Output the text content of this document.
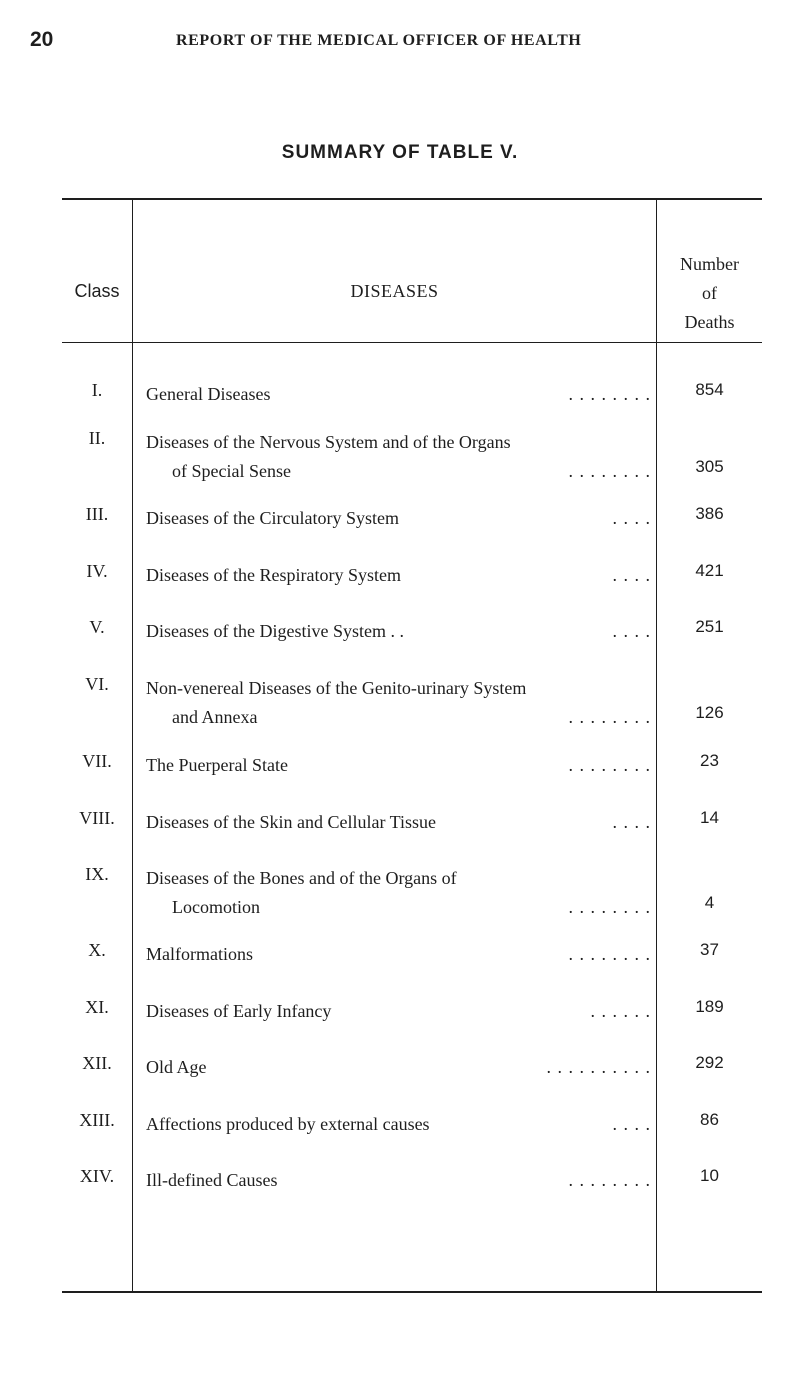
20	REPORT OF THE MEDICAL OFFICER OF HEALTH
SUMMARY OF TABLE V.
Class	DISEASES
Number
of
Deaths
I.	General Diseases	. . . . . . . .	854
II.	Diseases of the Nervous System and of the Organs
of Special Sense	. . . . . . . .	305
III.	Diseases of the Circulatory System	. . . .	386
IV.	Diseases of the Respiratory System	. . . .	421
V.	Diseases of the Digestive System . .	. . . .	251
VI.	Non-venereal Diseases of the Genito-urinary System
and Annexa	. . . . . . . .	126
VII.	The Puerperal State	. . . . . . . .	23
VIII.	Diseases of the Skin and Cellular Tissue	. . . .	14
IX.	Diseases of the Bones and of the Organs of
Locomotion	. . . . . . . .	4
X.	Malformations	. . . . . . . .	37
XI.	Diseases of Early Infancy	. . . . . .	189
XII.	Old Age	. . . . . . . . . .	292
XIII.	Affections produced by external causes	. . . .	86
XIV.	Ill-defined Causes	. . . . . . . .	10
